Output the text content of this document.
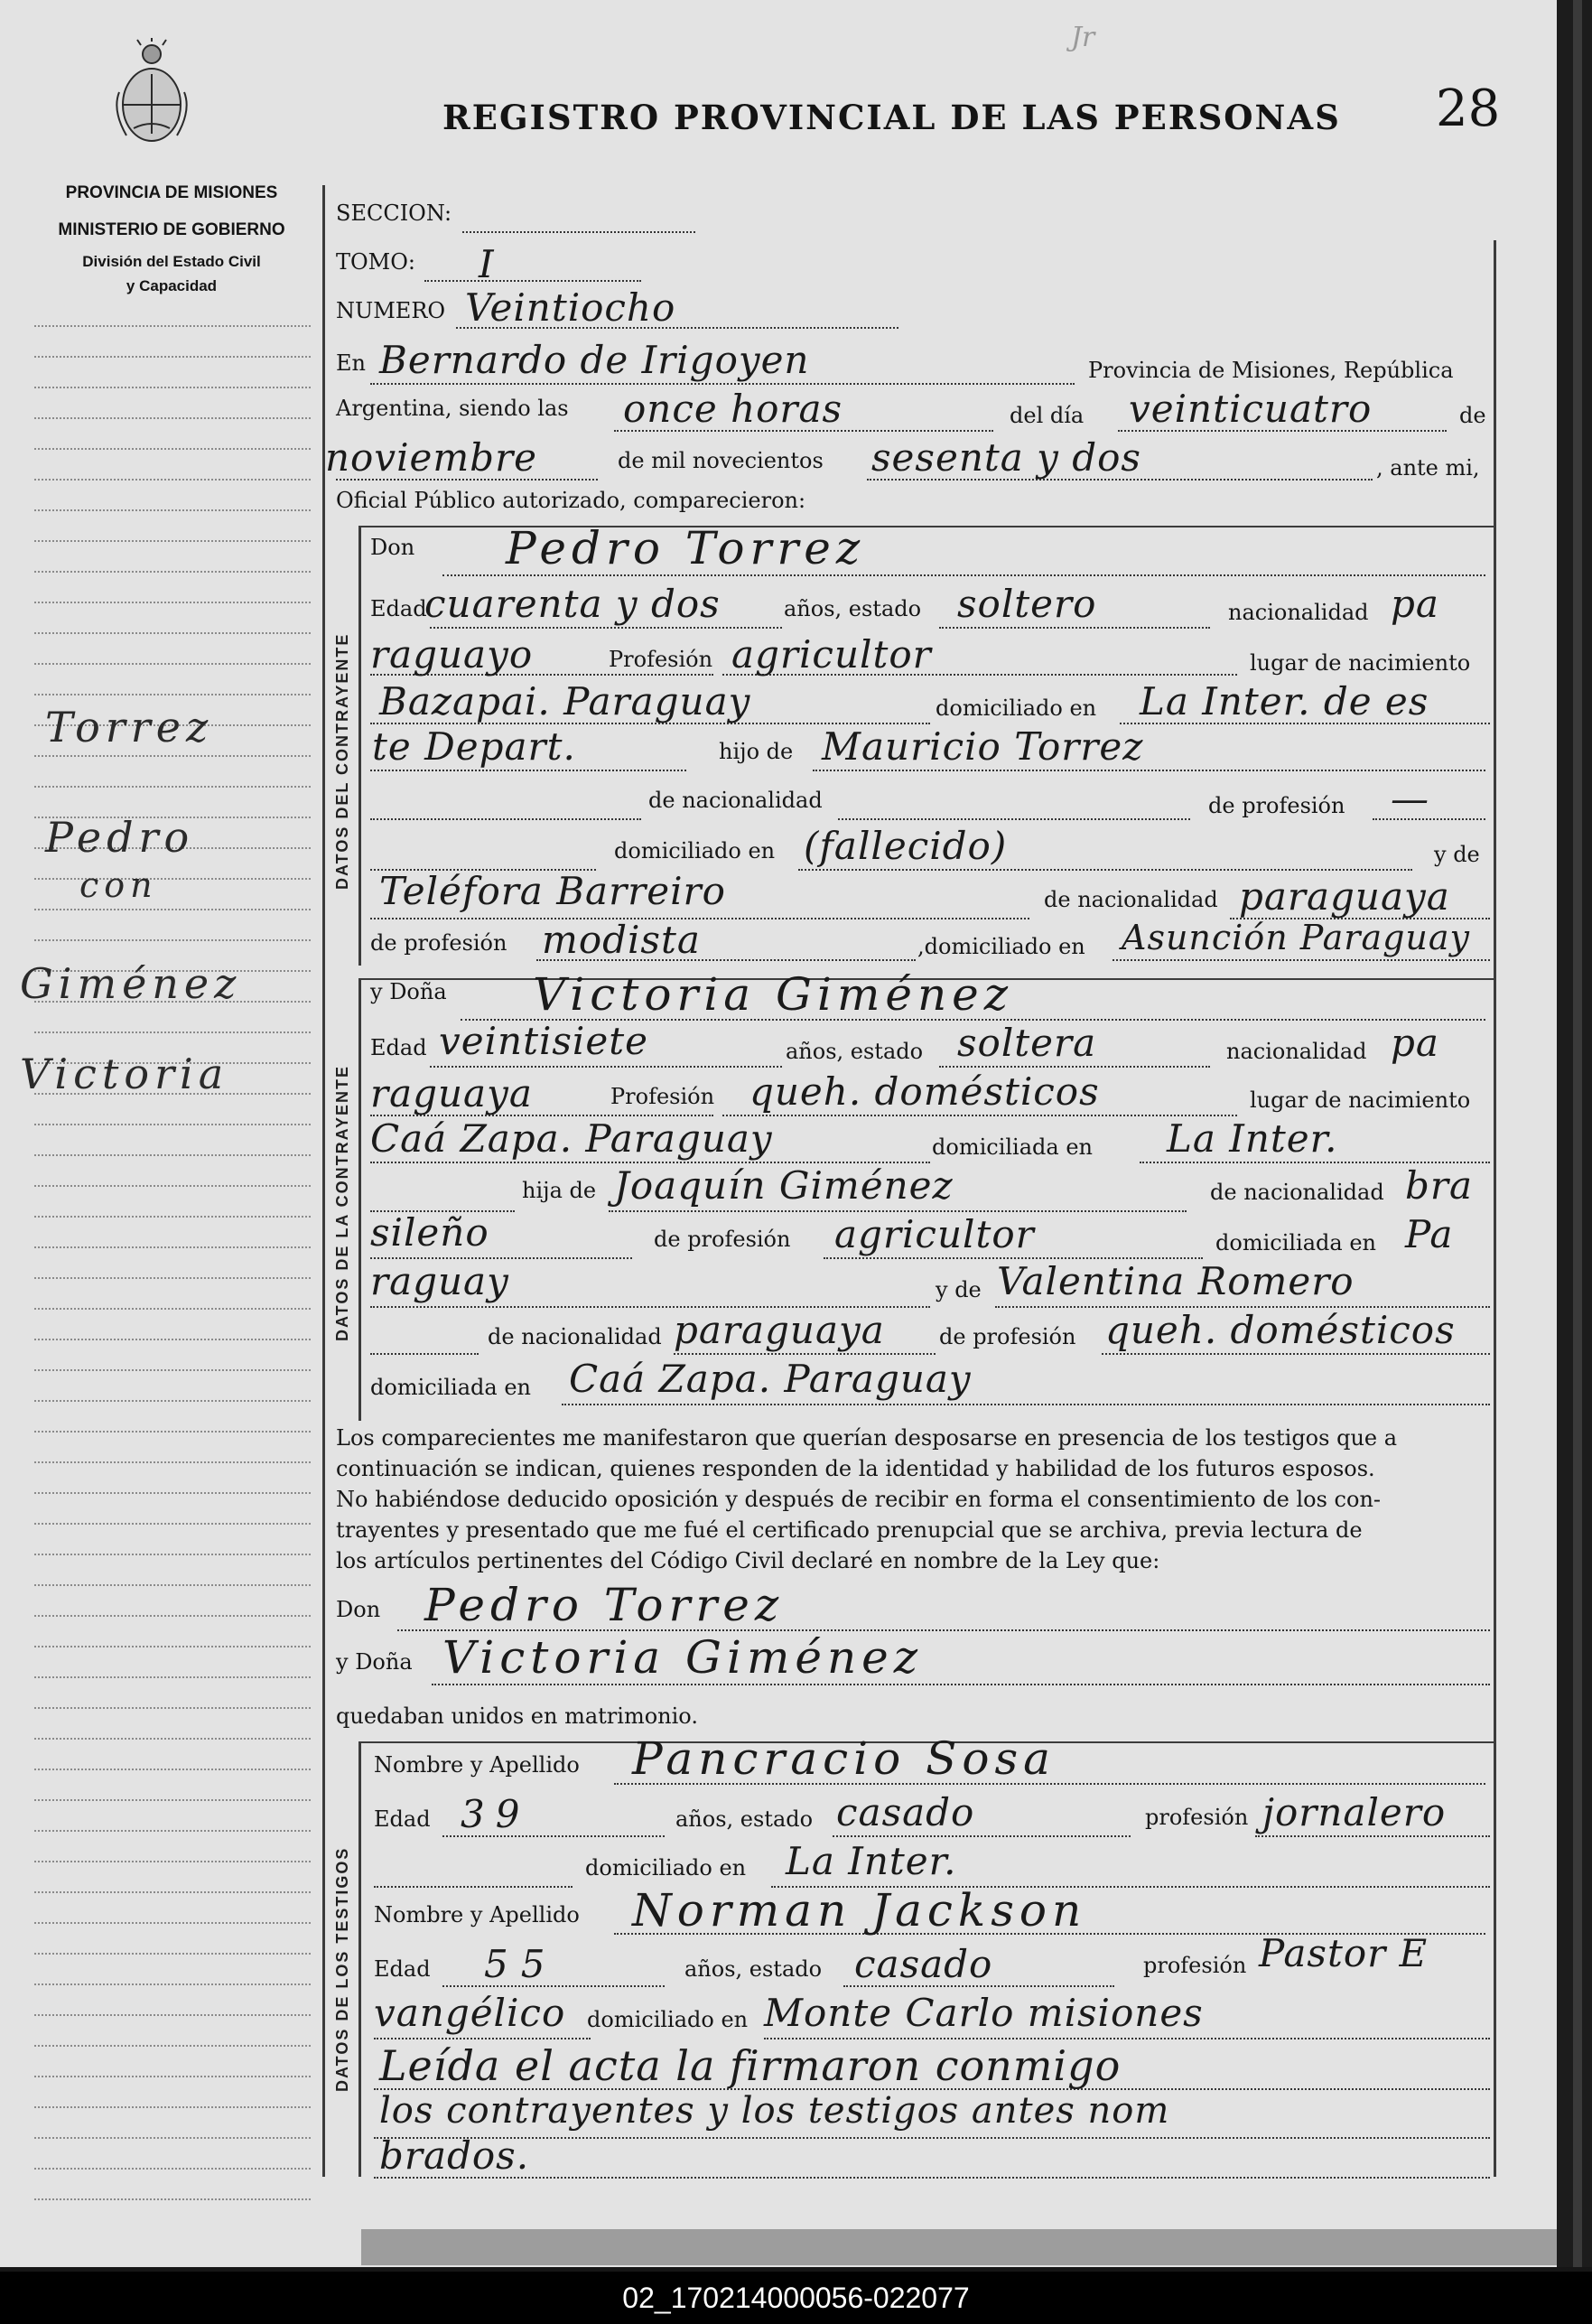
PROVINCIA DE MISIONES
MINISTERIO DE GOBIERNO
División del Estado Civil
y Capacidad
REGISTRO PROVINCIAL DE LAS PERSONAS 28
Jr
Torrez
Pedro
con
Giménez
Victoria
DATOS DEL CONTRAYENTE
DATOS DE LA CONTRAYENTE
DATOS DE LOS TESTIGOS
SECCION:
TOMO: I
NUMERO Veintiocho
En Bernardo de Irigoyen	Provincia de Misiones, República
Argentina, siendo las once horas	del día veinticuatro	de
noviembre	de mil novecientos sesenta y dos	, ante mi,
Oficial Público autorizado, comparecieron:
Don Pedro Torrez
Edad
cuarenta y dos	años, estado soltero	nacionalidad pa
raguayo	Profesión agricultor	lugar de nacimiento
Bazapai. Paraguay	domiciliado en La Inter. de es
te Depart.	hijo de Mauricio Torrez
de nacionalidad	de profesión —
domiciliado en (fallecido)	y de
Teléfora Barreiro	de nacionalidad paraguaya
de profesión modista	,domiciliado en Asunción Paraguay
y Doña Victoria Giménez
Edad veintisiete	años, estado soltera	nacionalidad pa
raguaya	Profesión queh. domésticos	lugar de nacimiento
Caá Zapa. Paraguay	domiciliada en La Inter.
hija de Joaquín Giménez	de nacionalidad bra
sileño	de profesión agricultor	domiciliada en Pa
raguay	y de Valentina Romero
de nacionalidad paraguaya	de profesión queh. domésticos
domiciliada en Caá Zapa. Paraguay
Los comparecientes me manifestaron que querían desposarse en presencia de los testigos que a
continuación se indican, quienes responden de la identidad y habilidad de los futuros esposos.
No habiéndose deducido oposición y después de recibir en forma el consentimiento de los con-
trayentes y presentado que me fué el certificado prenupcial que se archiva, previa lectura de
los artículos pertinentes del Código Civil declaré en nombre de la Ley que:
Don Pedro Torrez
y Doña Victoria Giménez
quedaban unidos en matrimonio.
Nombre y Apellido Pancracio Sosa
Edad 39	años, estado casado	profesión jornalero
domiciliado en La Inter.
Nombre y Apellido Norman Jackson
Edad 55	años, estado casado	profesión Pastor E
vangélico domiciliado en Monte Carlo misiones
Leída el acta la firmaron conmigo
los contrayentes y los testigos antes nom
brados.
02_170214000056-022077
